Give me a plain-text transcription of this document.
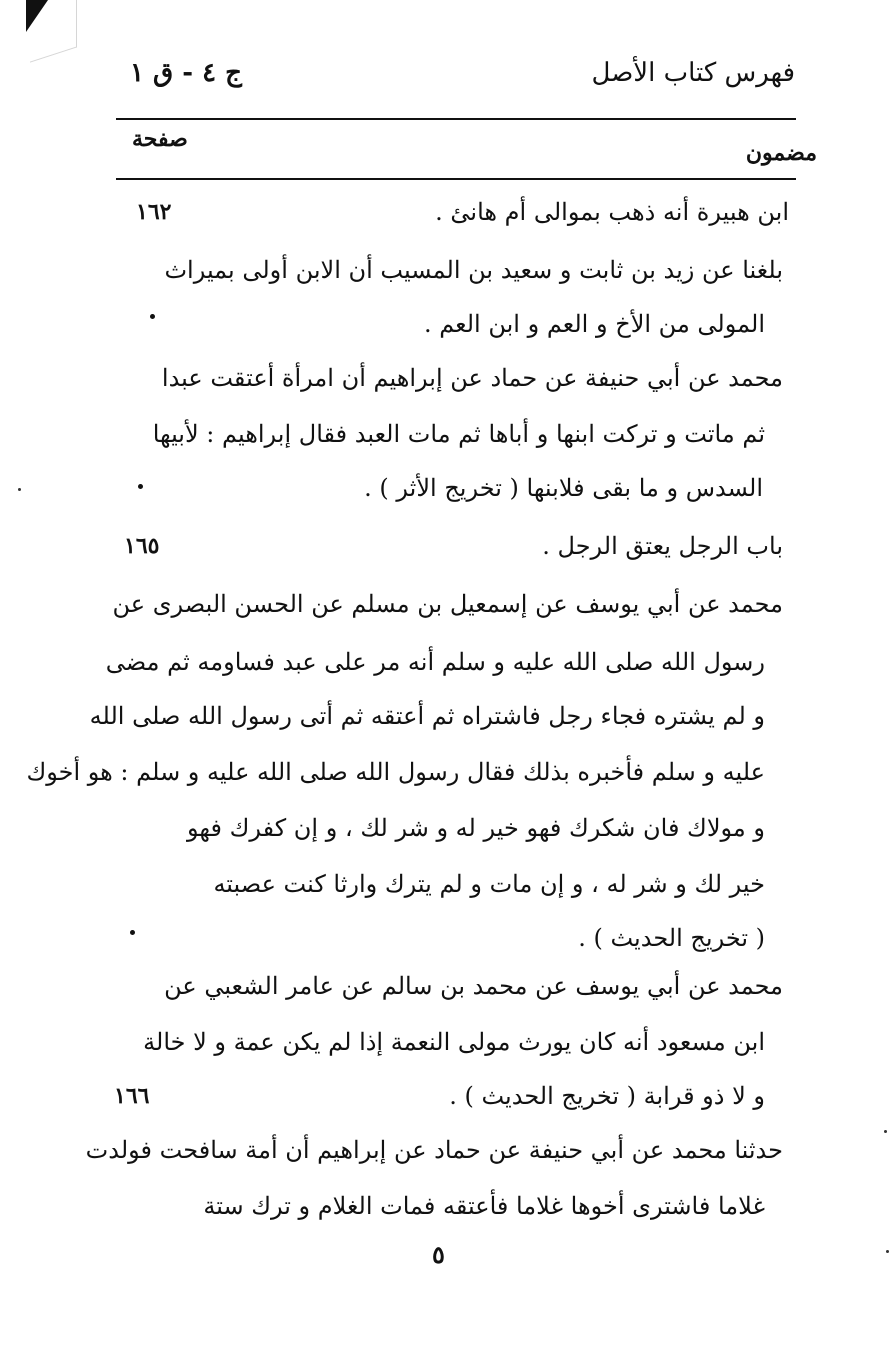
فهرس كتاب الأصل
ج ٤ - ق ١
مضمون
صفحة
ابن هبيرة أنه ذهب بموالى أم هانئ .
١٦٢
بلغنا عن زيد بن ثابت و سعيد بن المسيب أن الابن أولى بميراث
المولى من الأخ و العم و ابن العم .
محمد عن أبي حنيفة عن حماد عن إبراهيم أن امرأة أعتقت عبدا
ثم ماتت و تركت ابنها و أباها ثم مات العبد فقال إبراهيم : لأبيها
السدس و ما بقى فلابنها ( تخريج الأثر ) .
باب الرجل يعتق الرجل .
١٦٥
محمد عن أبي يوسف عن إسمعيل بن مسلم عن الحسن البصرى عن
رسول الله صلى الله عليه و سلم أنه مر على عبد فساومه ثم مضى
و لم يشتره فجاء رجل فاشتراه ثم أعتقه ثم أتى رسول الله صلى الله
عليه و سلم فأخبره بذلك فقال رسول الله صلى الله عليه و سلم : هو أخوك
و مولاك فان شكرك فهو خير له و شر لك ، و إن كفرك فهو
خير لك و شر له ، و إن مات و لم يترك وارثا كنت عصبته
( تخريج الحديث ) .
محمد عن أبي يوسف عن محمد بن سالم عن عامر الشعبي عن
ابن مسعود أنه كان يورث مولى النعمة إذا لم يكن عمة و لا خالة
و لا ذو قرابة ( تخريج الحديث ) .
١٦٦
حدثنا محمد عن أبي حنيفة عن حماد عن إبراهيم أن أمة سافحت فولدت
غلاما فاشترى أخوها غلاما فأعتقه فمات الغلام و ترك ستة
٥
